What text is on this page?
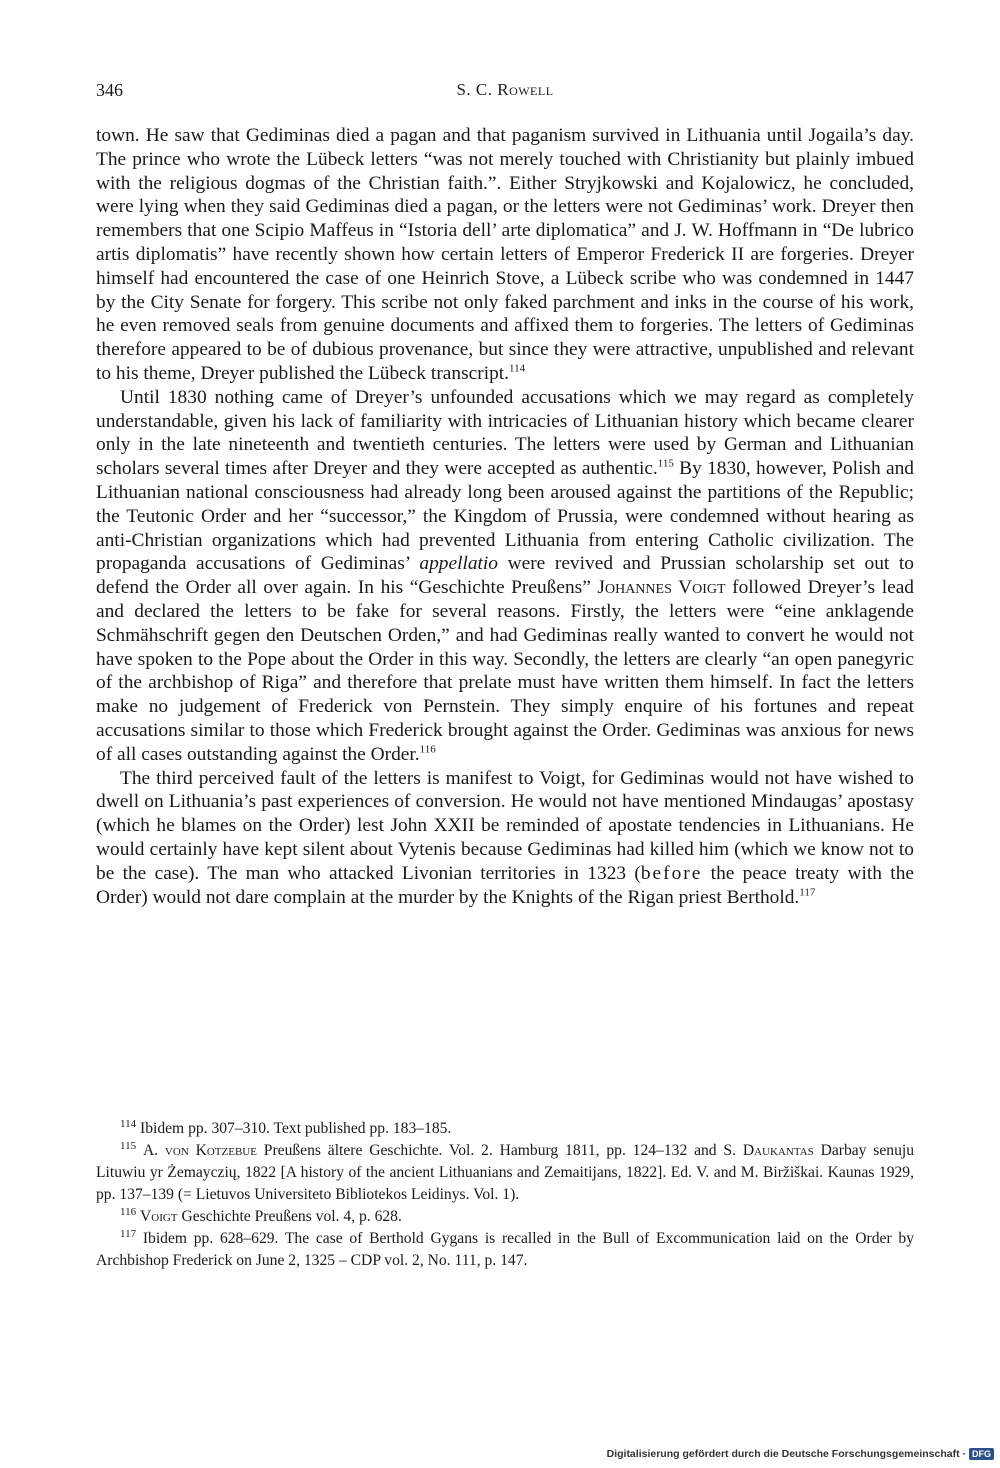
346	S. C. Rowell

town. He saw that Gediminas died a pagan and that paganism survived in Lithuania until Jogaila’s day. The prince who wrote the Lübeck letters “was not merely touched with Christianity but plainly imbued with the religious dogmas of the Christian faith.”. Either Stryjkowski and Kojalowicz, he concluded, were lying when they said Gediminas died a pagan, or the letters were not Gediminas’ work. Dreyer then remembers that one Scipio Maffeus in “Istoria dell’ arte diplomatica” and J. W. Hoffmann in “De lubrico artis diplomatis” have recently shown how certain letters of Emperor Frederick II are forgeries. Dreyer himself had encountered the case of one Heinrich Stove, a Lübeck scribe who was condemned in 1447 by the City Senate for forgery. This scribe not only faked parchment and inks in the course of his work, he even removed seals from genuine documents and affixed them to forgeries. The letters of Gediminas therefore appeared to be of dubious provenance, but since they were attractive, unpublished and relevant to his theme, Dreyer published the Lübeck transcript.$^{114}$

Until 1830 nothing came of Dreyer’s unfounded accusations which we may regard as completely understandable, given his lack of familiarity with intricacies of Lithuanian history which became clearer only in the late nineteenth and twentieth centuries. The letters were used by German and Lithuanian scholars several times after Dreyer and they were accepted as authentic.$^{115}$ By 1830, however, Polish and Lithuanian national consciousness had already long been aroused against the partitions of the Republic; the Teutonic Order and her “successor,” the Kingdom of Prussia, were condemned without hearing as anti-Christian organizations which had prevented Lithuania from entering Catholic civilization. The propaganda accusations of Gediminas’ appellatio were revived and Prussian scholarship set out to defend the Order all over again. In his “Geschichte Preußens” Johannes Voigt followed Dreyer’s lead and declared the letters to be fake for several reasons. Firstly, the letters were “eine anklagende Schmähschrift gegen den Deutschen Orden,” and had Gediminas really wanted to convert he would not have spoken to the Pope about the Order in this way. Secondly, the letters are clearly “an open panegyric of the archbishop of Riga” and therefore that prelate must have written them himself. In fact the letters make no judgement of Frederick von Pernstein. They simply enquire of his fortunes and repeat accusations similar to those which Frederick brought against the Order. Gediminas was anxious for news of all cases outstanding against the Order.$^{116}$

The third perceived fault of the letters is manifest to Voigt, for Gediminas would not have wished to dwell on Lithuania’s past experiences of conversion. He would not have mentioned Mindaugas’ apostasy (which he blames on the Order) lest John XXII be reminded of apostate tendencies in Lithuanians. He would certainly have kept silent about Vytenis because Gediminas had killed him (which we know not to be the case). The man who attacked Livonian territories in 1323 (before the peace treaty with the Order) would not dare complain at the murder by the Knights of the Rigan priest Berthold.$^{117}$

$^{114}$ Ibidem pp. 307–310. Text published pp. 183–185.

$^{115}$ A. von Kotzebue Preußens ältere Geschichte. Vol. 2. Hamburg 1811, pp. 124–132 and S. Daukantas Darbay senuju Lituwiu yr Żemayczių, 1822 [A history of the ancient Lithuanians and Zemaitijans, 1822]. Ed. V. and M. Biržiškai. Kaunas 1929, pp. 137–139 (= Lietuvos Universiteto Bibliotekos Leidinys. Vol. 1).

$^{116}$ Voigt Geschichte Preußens vol. 4, p. 628.

$^{117}$ Ibidem pp. 628–629. The case of Berthold Gygans is recalled in the Bull of Excommunication laid on the Order by Archbishop Frederick on June 2, 1325 – CDP vol. 2, No. 111, p. 147.

Digitalisierung gefördert durch die Deutsche Forschungsgemeinschaft · DFG
